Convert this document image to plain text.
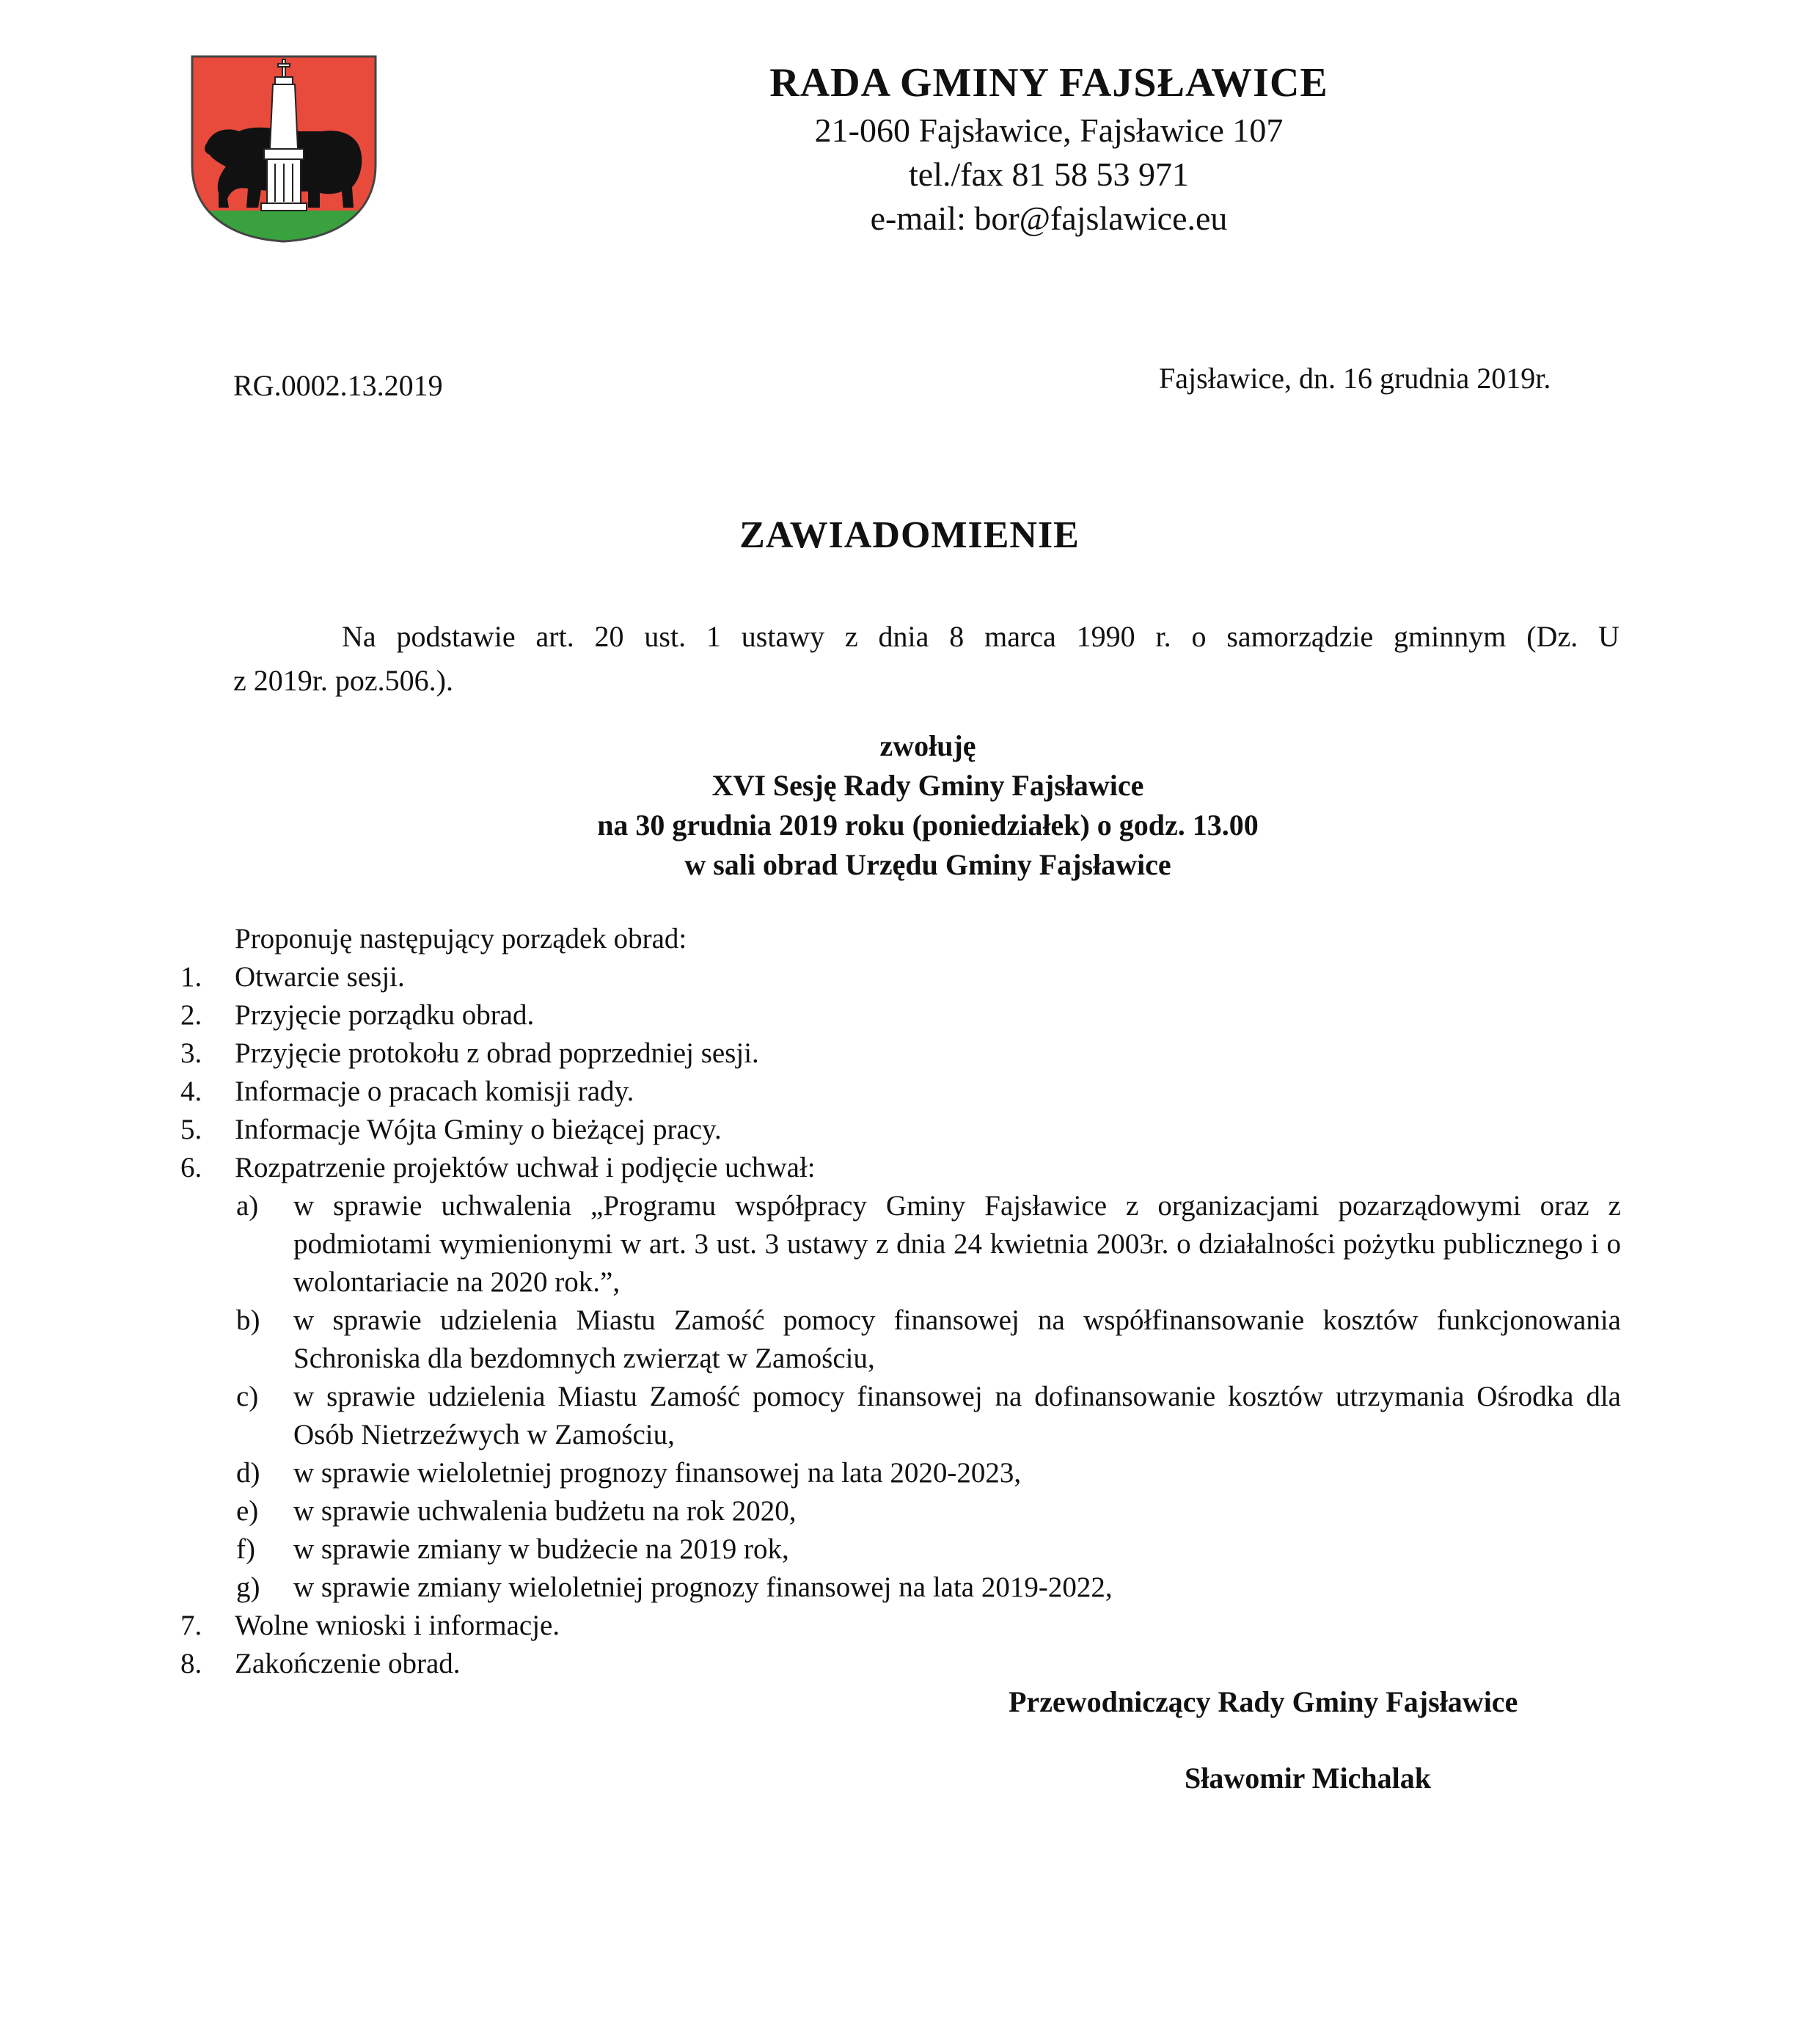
RADA GMINY FAJSŁAWICE
21-060 Fajsławice, Fajsławice 107
tel./fax 81 58 53 971
e-mail: bor@fajslawice.eu
RG.0002.13.2019	Fajsławice, dn. 16 grudnia 2019r.
ZAWIADOMIENIE
Na podstawie art. 20 ust. 1 ustawy z dnia 8 marca 1990 r. o samorządzie gminnym (Dz. U
z 2019r. poz.506.).
zwołuję
XVI Sesję Rady Gminy Fajsławice
na 30 grudnia 2019 roku (poniedziałek) o godz. 13.00
w sali obrad Urzędu Gminy Fajsławice
Proponuję następujący porządek obrad:
1.	Otwarcie sesji.
2.	Przyjęcie porządku obrad.
3.	Przyjęcie protokołu z obrad poprzedniej sesji.
4.	Informacje o pracach komisji rady.
5.	Informacje Wójta Gminy o bieżącej pracy.
6.	Rozpatrzenie projektów uchwał i podjęcie uchwał:
a)	w sprawie uchwalenia „Programu współpracy Gminy Fajsławice z organizacjami pozarządowymi oraz z podmiotami wymienionymi w art. 3 ust. 3 ustawy z dnia 24 kwietnia 2003r. o działalności pożytku publicznego i o wolontariacie na 2020 rok.”,
b)	w sprawie udzielenia Miastu Zamość pomocy finansowej na współfinansowanie kosztów funkcjonowania Schroniska dla bezdomnych zwierząt w Zamościu,
c)	w sprawie udzielenia Miastu Zamość pomocy finansowej na dofinansowanie kosztów utrzymania Ośrodka dla Osób Nietrzeźwych w Zamościu,
d)	w sprawie wieloletniej prognozy finansowej na lata 2020-2023,
e)	w sprawie uchwalenia budżetu na rok 2020,
f)	w sprawie zmiany w budżecie na 2019 rok,
g)	w sprawie zmiany wieloletniej prognozy finansowej na lata 2019-2022,
7.	Wolne wnioski i informacje.
8.	Zakończenie obrad.
Przewodniczący Rady Gminy Fajsławice
Sławomir Michalak
